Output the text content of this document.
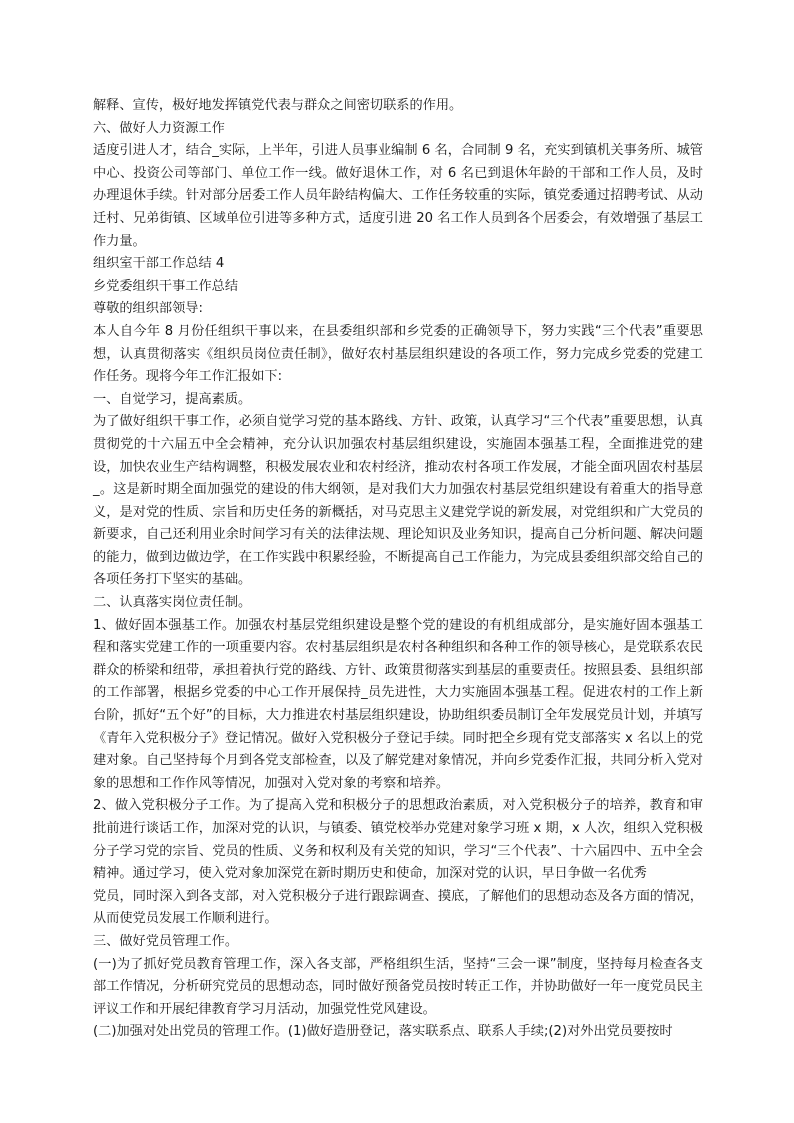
解释、宣传，极好地发挥镇党代表与群众之间密切联系的作用。

六、做好人力资源工作

适度引进人才，结合_实际，上半年，引进人员事业编制 6 名，合同制 9 名，充实到镇机关事务所、城管中心、投资公司等部门、单位工作一线。做好退休工作，对 6 名已到退休年龄的干部和工作人员，及时办理退休手续。针对部分居委工作人员年龄结构偏大、工作任务较重的实际，镇党委通过招聘考试、从动迁村、兄弟街镇、区域单位引进等多种方式，适度引进 20 名工作人员到各个居委会，有效增强了基层工作力量。

组织室干部工作总结 4

乡党委组织干事工作总结

尊敬的组织部领导:

本人自今年 8 月份任组织干事以来，在县委组织部和乡党委的正确领导下，努力实践“三个代表”重要思想，认真贯彻落实《组织员岗位责任制》，做好农村基层组织建设的各项工作，努力完成乡党委的党建工作任务。现将今年工作汇报如下:

一、自觉学习，提高素质。

为了做好组织干事工作，必须自觉学习党的基本路线、方针、政策，认真学习“三个代表”重要思想，认真贯彻党的十六届五中全会精神，充分认识加强农村基层组织建设，实施固本强基工程，全面推进党的建设，加快农业生产结构调整，积极发展农业和农村经济，推动农村各项工作发展，才能全面巩固农村基层_。这是新时期全面加强党的建设的伟大纲领，是对我们大力加强农村基层党组织建设有着重大的指导意义，是对党的性质、宗旨和历史任务的新概括，对马克思主义建党学说的新发展，对党组织和广大党员的新要求，自己还利用业余时间学习有关的法律法规、理论知识及业务知识，提高自己分析问题、解决问题的能力，做到边做边学，在工作实践中积累经验，不断提高自己工作能力，为完成县委组织部交给自己的各项任务打下坚实的基础。

二、认真落实岗位责任制。

1、做好固本强基工作。加强农村基层党组织建设是整个党的建设的有机组成部分，是实施好固本强基工程和落实党建工作的一项重要内容。农村基层组织是农村各种组织和各种工作的领导核心，是党联系农民群众的桥梁和纽带，承担着执行党的路线、方针、政策贯彻落实到基层的重要责任。按照县委、县组织部的工作部署，根据乡党委的中心工作开展保持_员先进性，大力实施固本强基工程。促进农村的工作上新台阶，抓好“五个好”的目标，大力推进农村基层组织建设，协助组织委员制订全年发展党员计划，并填写《青年入党积极分子》登记情况。做好入党积极分子登记手续。同时把全乡现有党支部落实 x 名以上的党建对象。自己坚持每个月到各党支部检查，以及了解党建对象情况，并向乡党委作汇报，共同分析入党对象的思想和工作作风等情况，加强对入党对象的考察和培养。

2、做入党积极分子工作。为了提高入党和积极分子的思想政治素质，对入党积极分子的培养，教育和审批前进行谈话工作，加深对党的认识，与镇委、镇党校举办党建对象学习班 x 期，x 人次，组织入党积极分子学习党的宗旨、党员的性质、义务和权利及有关党的知识，学习“三个代表”、十六届四中、五中全会精神。通过学习，使入党对象加深党在新时期历史和使命，加深对党的认识，早日争做一名优秀

党员，同时深入到各支部，对入党积极分子进行跟踪调查、摸底，了解他们的思想动态及各方面的情况，从而使党员发展工作顺利进行。

三、做好党员管理工作。

(一)为了抓好党员教育管理工作，深入各支部，严格组织生活，坚持“三会一课”制度，坚持每月检查各支部工作情况，分析研究党员的思想动态，同时做好预备党员按时转正工作，并协助做好一年一度党员民主评议工作和开展纪律教育学习月活动，加强党性党风建设。

(二)加强对处出党员的管理工作。(1)做好造册登记，落实联系点、联系人手续;(2)对外出党员要按时
